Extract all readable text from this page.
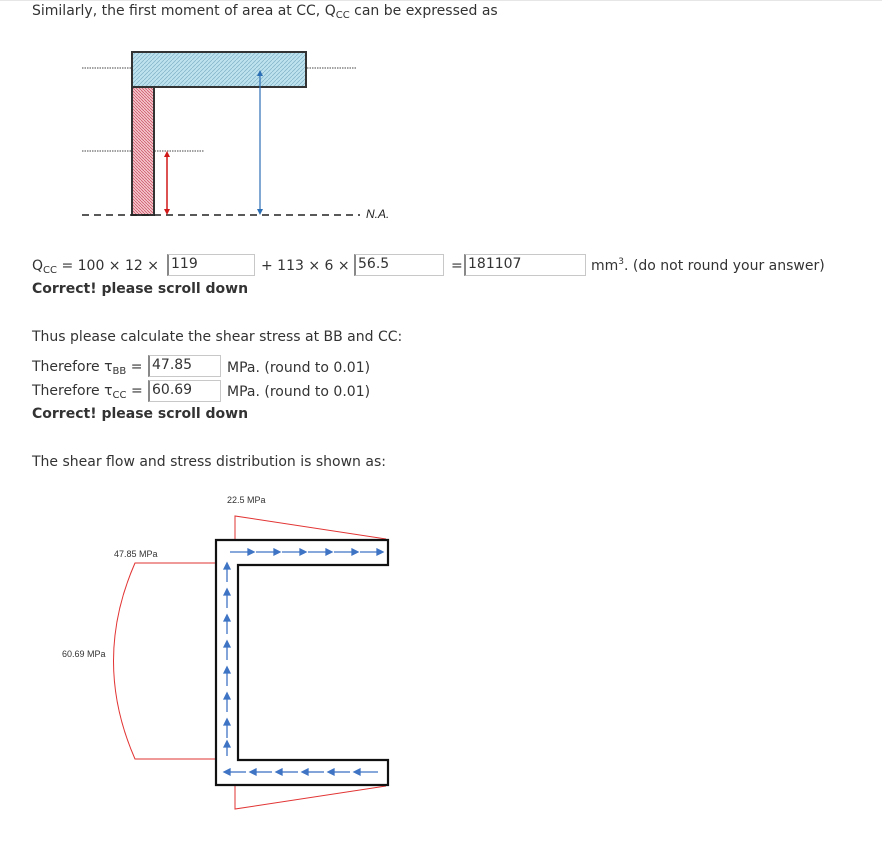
Similarly, the first moment of area at CC, $Q_{CC}$ can be expressed as
N.A.
$Q_{CC} = 100 \times 12 \times 119$	+ 113 × 6 × 56.5	= 181107	$mm^3$. (do not round your answer)
Correct! please scroll down
Thus please calculate the shear stress at BB and CC:
Therefore $\tau_{BB} = 47.85$	MPa. (round to 0.01)
Therefore $\tau_{CC} = 60.69$	MPa. (round to 0.01)
Correct! please scroll down
The shear flow and stress distribution is shown as:
22.5 MPa
47.85 MPa
60.69 MPa
